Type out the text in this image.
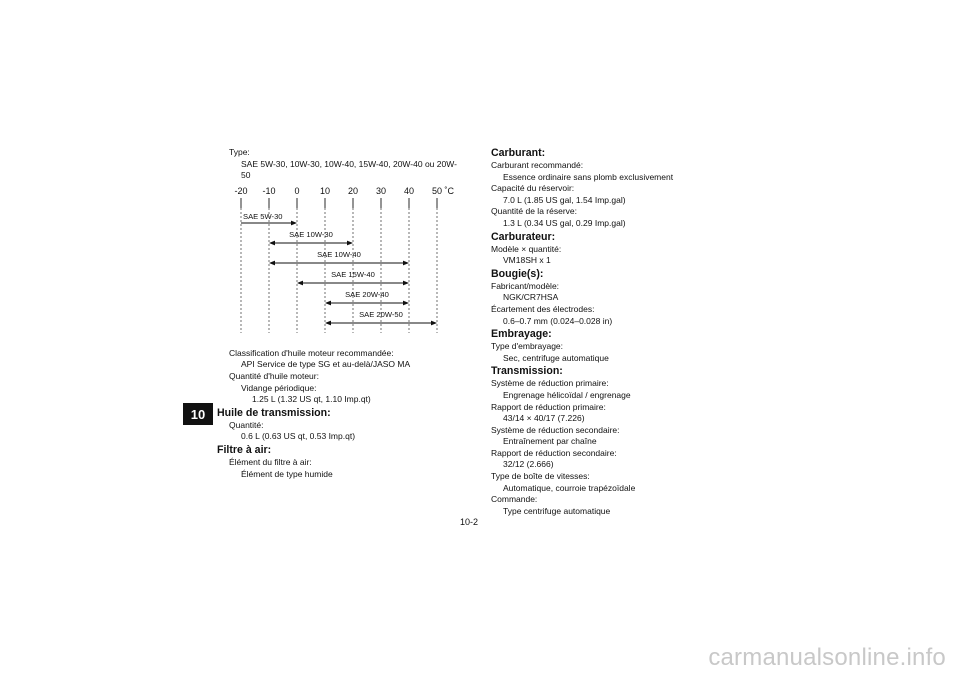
Type:
SAE 5W-30, 10W-30, 10W-40, 15W-40, 20W-40 ou 20W-
50
-20 -10 0 10 20 30 40 50 ˚C
SAE 5W-30
SAE 10W-30
SAE 10W-40
SAE 15W-40
SAE 20W-40
SAE 20W-50
Classification d'huile moteur recommandée:
API Service de type SG et au-delà/JASO MA
Quantité d'huile moteur:
Vidange périodique:
1.25 L (1.32 US qt, 1.10 Imp.qt)
Huile de transmission:
Quantité:
0.6 L (0.63 US qt, 0.53 Imp.qt)
Filtre à air:
Élément du filtre à air:
Élément de type humide
Carburant:
Carburant recommandé:
Essence ordinaire sans plomb exclusivement
Capacité du réservoir:
7.0 L (1.85 US gal, 1.54 Imp.gal)
Quantité de la réserve:
1.3 L (0.34 US gal, 0.29 Imp.gal)
Carburateur:
Modèle × quantité:
VM18SH x 1
Bougie(s):
Fabricant/modèle:
NGK/CR7HSA
Écartement des électrodes:
0.6–0.7 mm (0.024–0.028 in)
Embrayage:
Type d'embrayage:
Sec, centrifuge automatique
Transmission:
Système de réduction primaire:
Engrenage hélicoïdal / engrenage
Rapport de réduction primaire:
43/14 × 40/17 (7.226)
Système de réduction secondaire:
Entraînement par chaîne
Rapport de réduction secondaire:
32/12 (2.666)
Type de boîte de vitesses:
Automatique, courroie trapézoïdale
Commande:
Type centrifuge automatique
10
10-2
carmanualsonline.info
